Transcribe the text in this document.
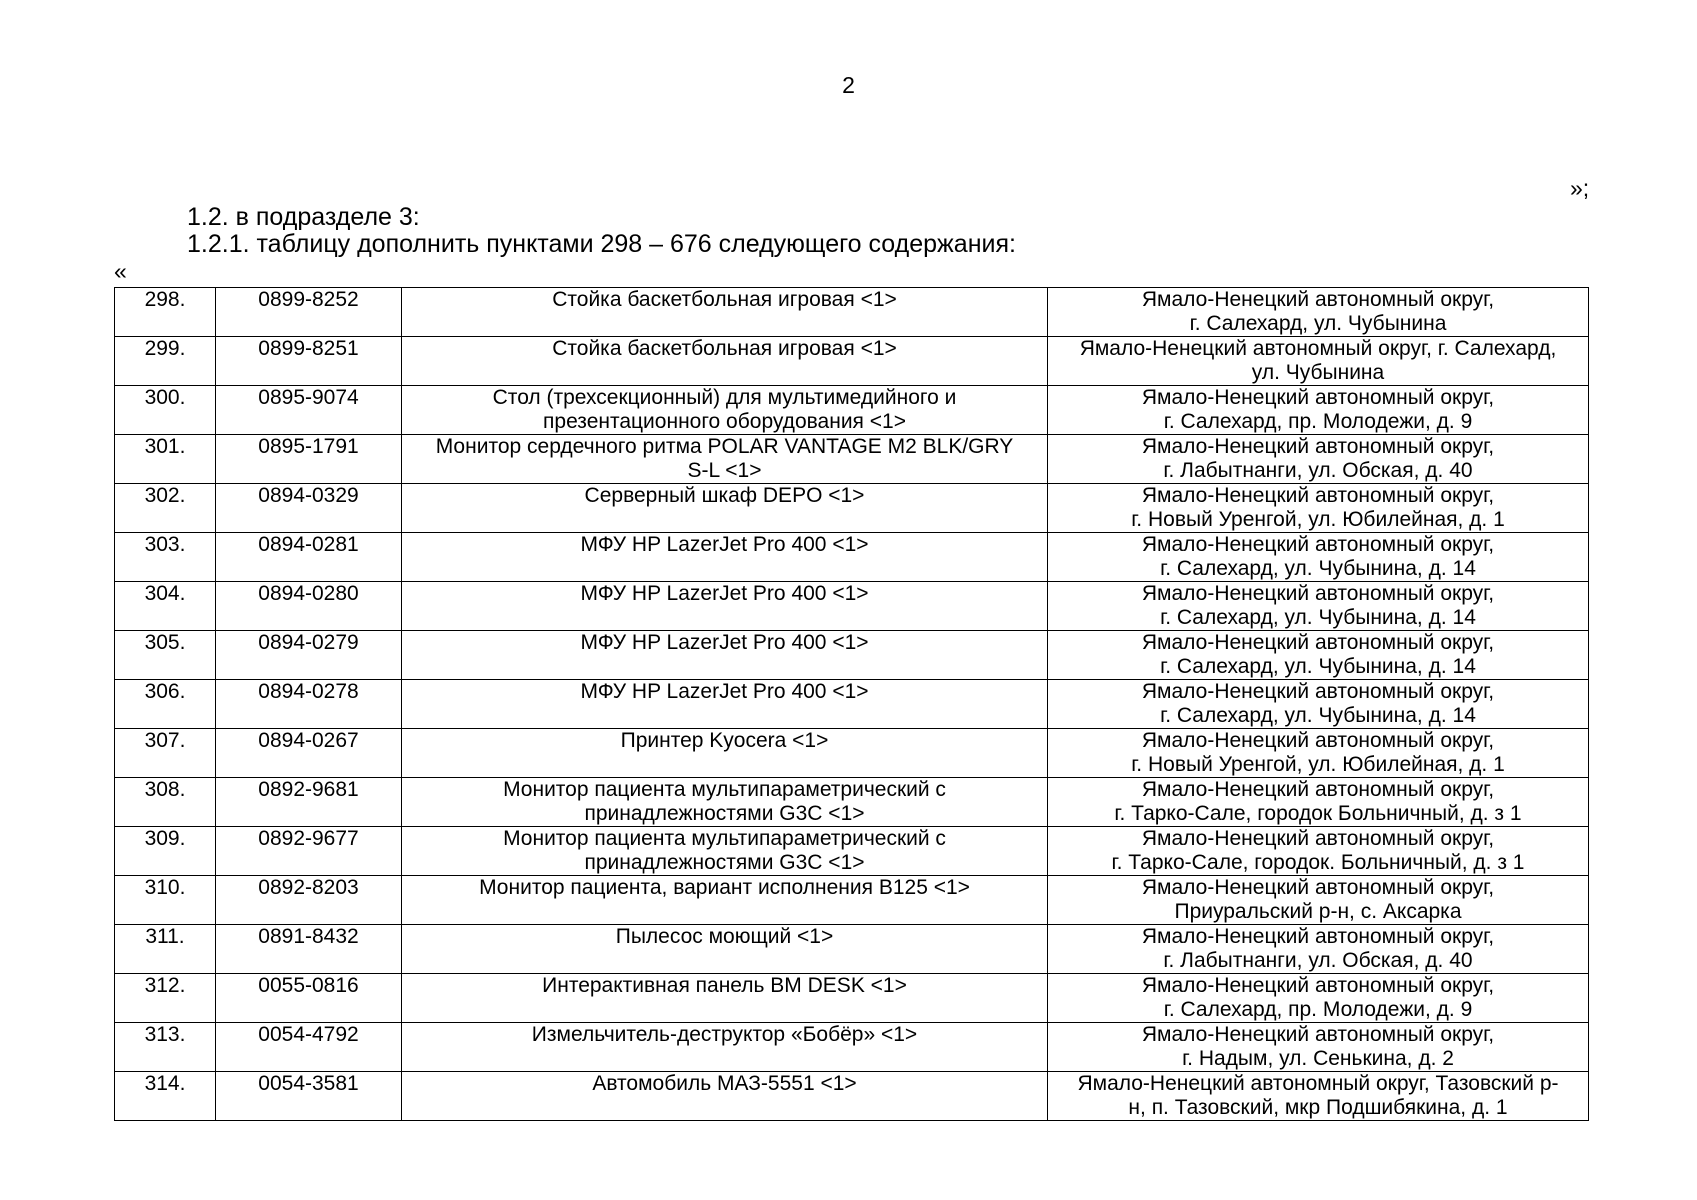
2
»;
1.2. в подразделе 3:
1.2.1. таблицу дополнить пунктами 298 – 676 следующего содержания:
«
298.	0899-8252	Стойка баскетбольная игровая <1>	Ямало-Ненецкий автономный округ,
г. Салехард, ул. Чубынина
299.	0899-8251	Стойка баскетбольная игровая <1>	Ямало-Ненецкий автономный округ, г. Салехард,
ул. Чубынина
300.	0895-9074	Стол (трехсекционный) для мультимедийного и
презентационного оборудования <1>	Ямало-Ненецкий автономный округ,
г. Салехард, пр. Молодежи, д. 9
301.	0895-1791	Монитор сердечного ритма POLAR VANTAGE M2 BLK/GRY
S-L <1>	Ямало-Ненецкий автономный округ,
г. Лабытнанги, ул. Обская, д. 40
302.	0894-0329	Серверный шкаф DEPO <1>	Ямало-Ненецкий автономный округ,
г. Новый Уренгой, ул. Юбилейная, д. 1
303.	0894-0281	МФУ HP LazerJet Pro 400 <1>	Ямало-Ненецкий автономный округ,
г. Салехард, ул. Чубынина, д. 14
304.	0894-0280	МФУ HP LazerJet Pro 400 <1>	Ямало-Ненецкий автономный округ,
г. Салехард, ул. Чубынина, д. 14
305.	0894-0279	МФУ HP LazerJet Pro 400 <1>	Ямало-Ненецкий автономный округ,
г. Салехард, ул. Чубынина, д. 14
306.	0894-0278	МФУ HP LazerJet Pro 400 <1>	Ямало-Ненецкий автономный округ,
г. Салехард, ул. Чубынина, д. 14
307.	0894-0267	Принтер Kyocera <1>	Ямало-Ненецкий автономный округ,
г. Новый Уренгой, ул. Юбилейная, д. 1
308.	0892-9681	Монитор пациента мультипараметрический с
принадлежностями G3C <1>	Ямало-Ненецкий автономный округ,
г. Тарко-Сале, городок Больничный, д. з 1
309.	0892-9677	Монитор пациента мультипараметрический с
принадлежностями G3C <1>	Ямало-Ненецкий автономный округ,
г. Тарко-Сале, городок. Больничный, д. з 1
310.	0892-8203	Монитор пациента, вариант исполнения B125 <1>	Ямало-Ненецкий автономный округ,
Приуральский р-н, с. Аксарка
311.	0891-8432	Пылесос моющий <1>	Ямало-Ненецкий автономный округ,
г. Лабытнанги, ул. Обская, д. 40
312.	0055-0816	Интерактивная панель BM DESK <1>	Ямало-Ненецкий автономный округ,
г. Салехард, пр. Молодежи, д. 9
313.	0054-4792	Измельчитель-деструктор «Бобёр» <1>	Ямало-Ненецкий автономный округ,
г. Надым, ул. Сенькина, д. 2
314.	0054-3581	Автомобиль МАЗ-5551 <1>	Ямало-Ненецкий автономный округ, Тазовский р-
н, п. Тазовский, мкр Подшибякина, д. 1
